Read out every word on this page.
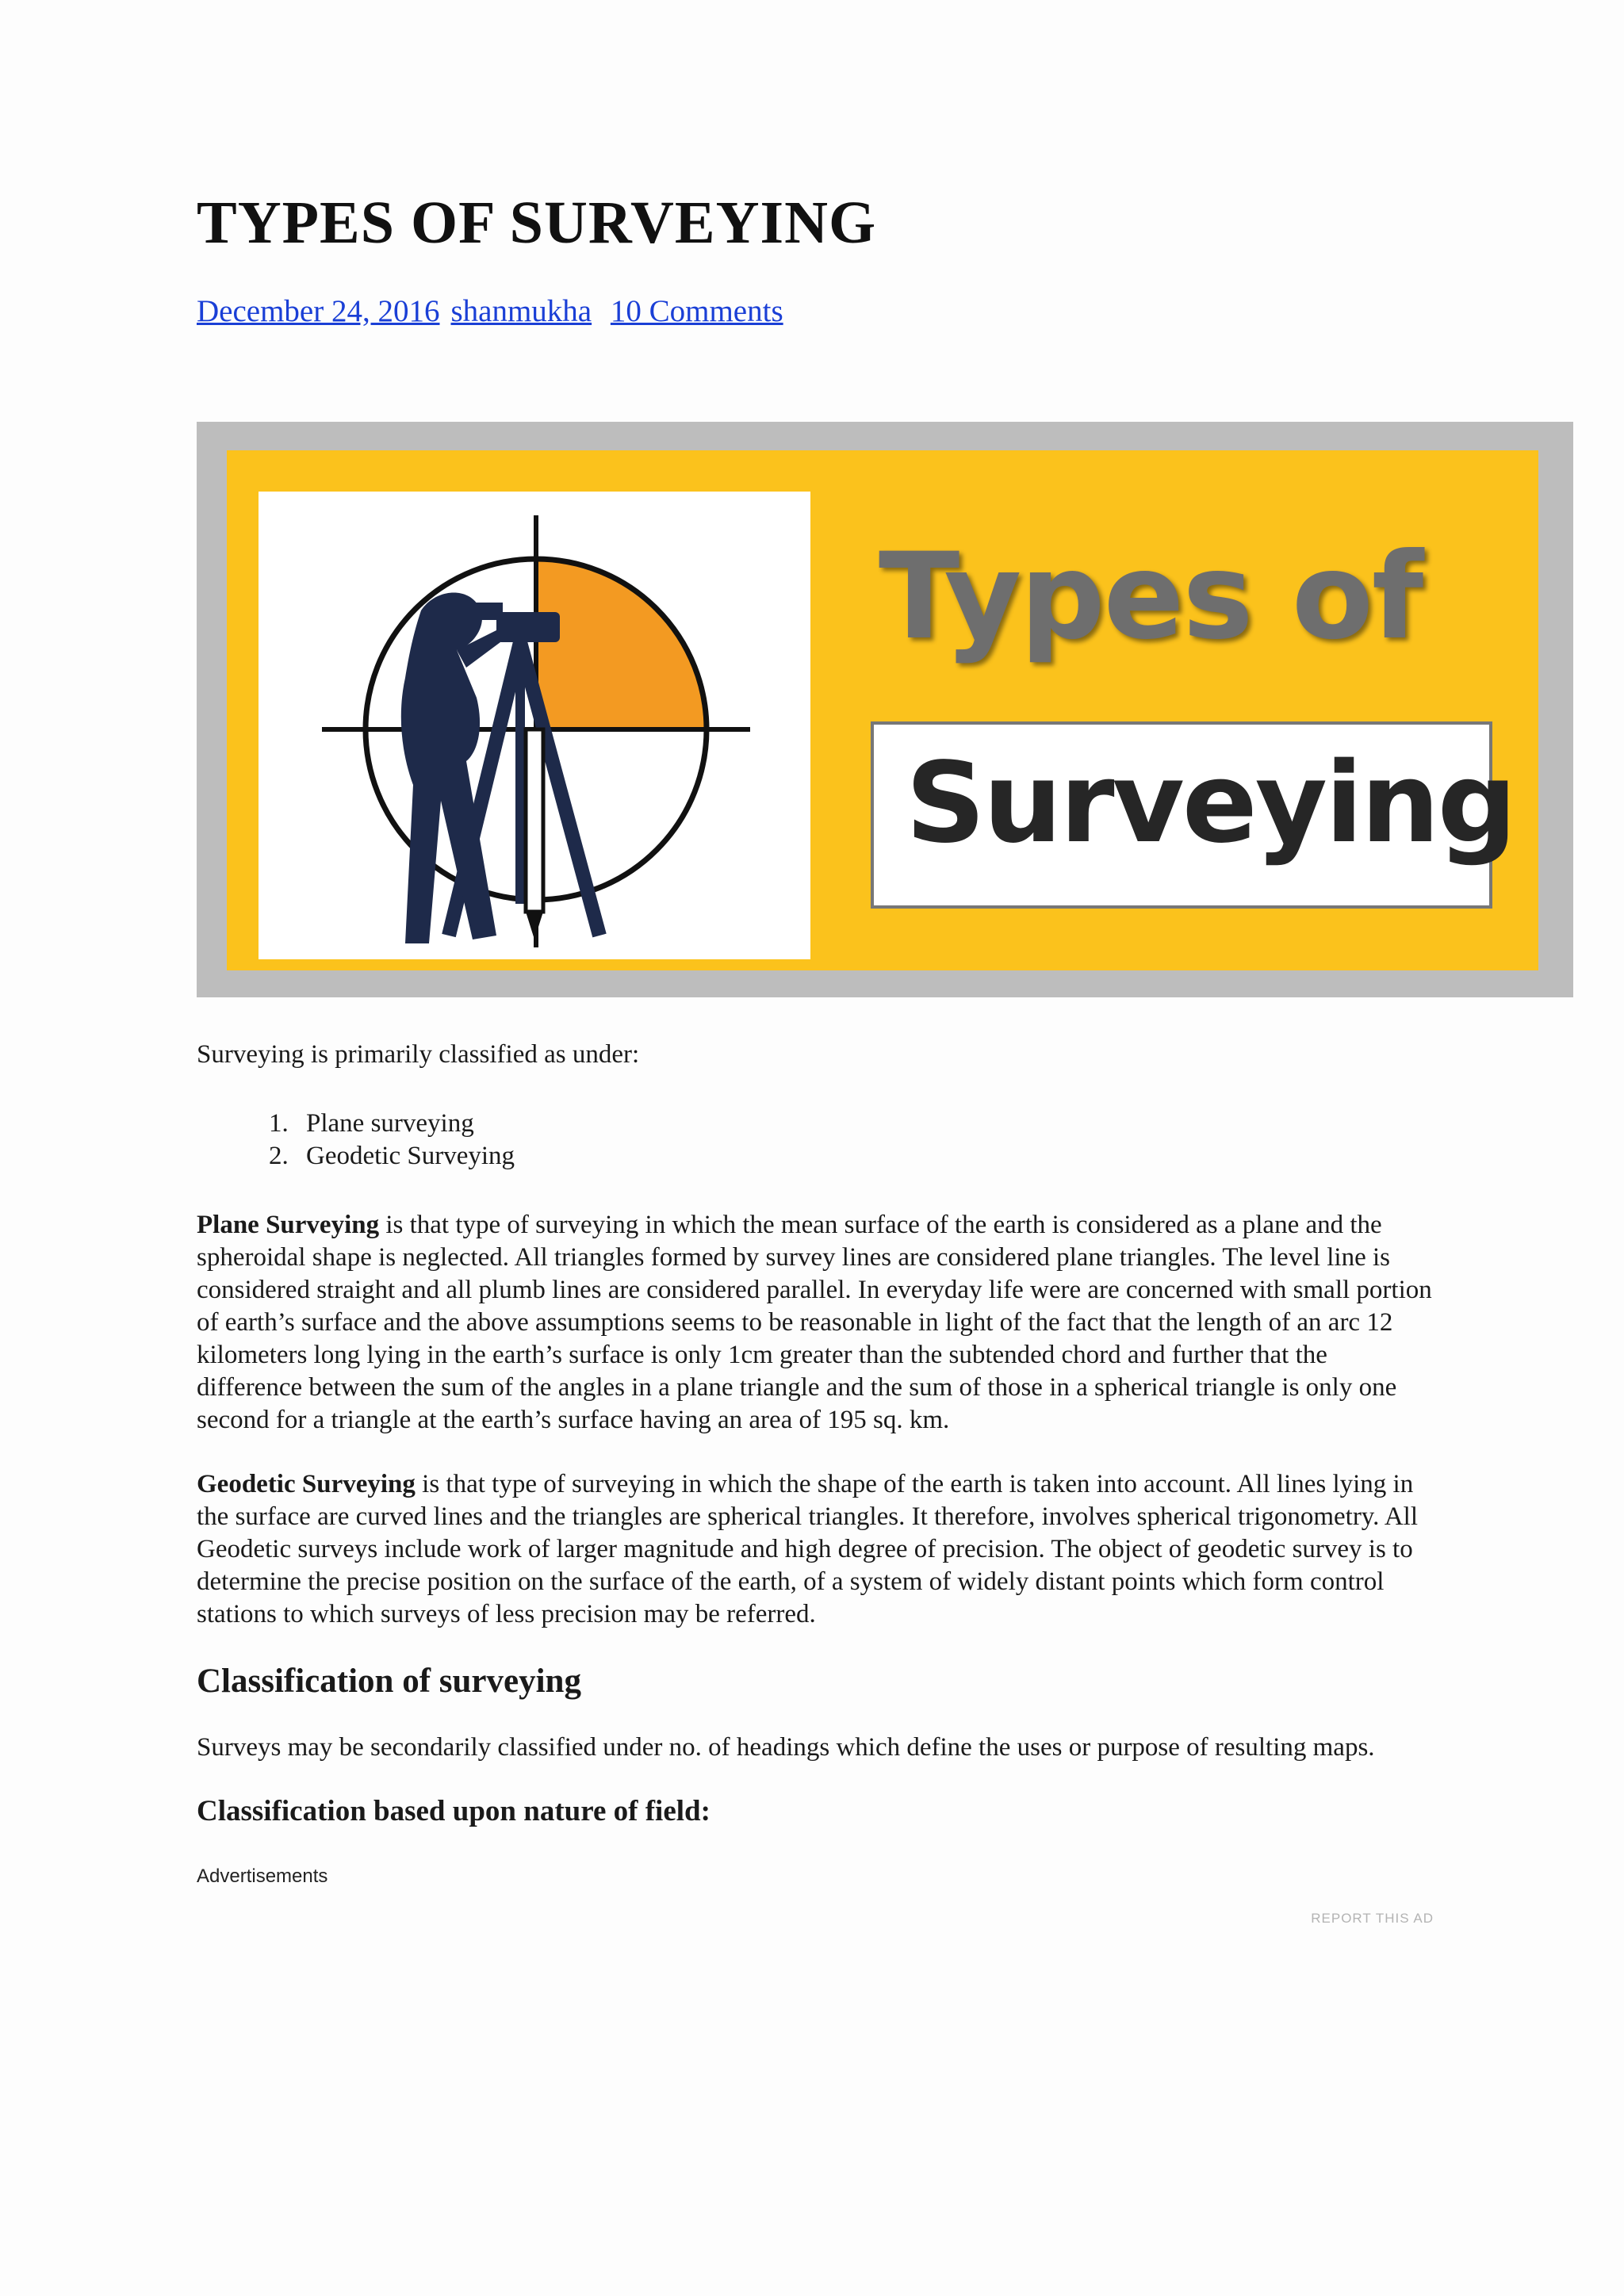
TYPES OF SURVEYING
December 24, 2016 shanmukha 10 Comments
Types of
Surveying

Surveying is primarily classified as under:

1. Plane surveying
2. Geodetic Surveying

Plane Surveying is that type of surveying in which the mean surface of the earth is considered as a plane and the spheroidal shape is neglected. All triangles formed by survey lines are considered plane triangles. The level line is considered straight and all plumb lines are considered parallel. In everyday life were are concerned with small portion of earth’s surface and the above assumptions seems to be reasonable in light of the fact that the length of an arc 12 kilometers long lying in the earth’s surface is only 1cm greater than the subtended chord and further that the difference between the sum of the angles in a plane triangle and the sum of those in a spherical triangle is only one second for a triangle at the earth’s surface having an area of 195 sq. km.

Geodetic Surveying is that type of surveying in which the shape of the earth is taken into account. All lines lying in the surface are curved lines and the triangles are spherical triangles. It therefore, involves spherical trigonometry. All Geodetic surveys include work of larger magnitude and high degree of precision. The object of geodetic survey is to determine the precise position on the surface of the earth, of a system of widely distant points which form control stations to which surveys of less precision may be referred.

Classification of surveying

Surveys may be secondarily classified under no. of headings which define the uses or purpose of resulting maps.

Classification based upon nature of field:
Advertisements
REPORT THIS AD
